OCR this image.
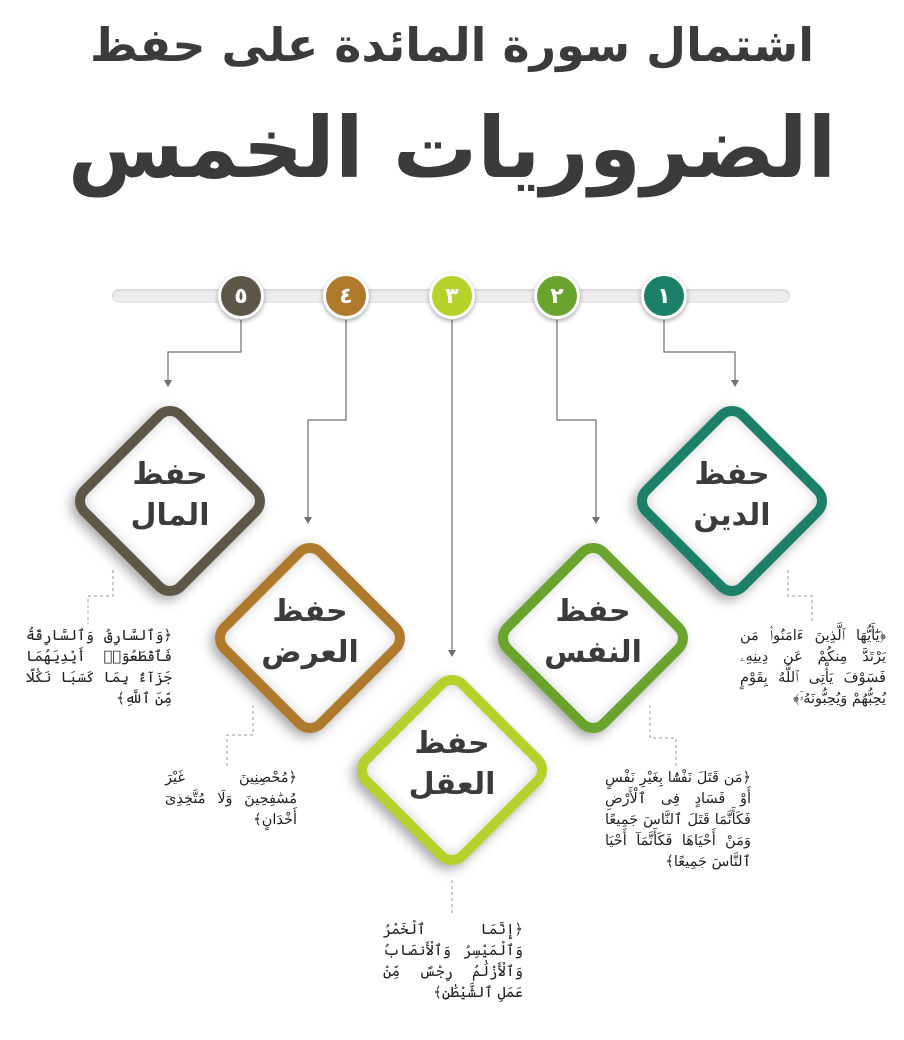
اشتمال سورة المائدة على حفظ
الضروريات الخمس
١
٢
٣
٤
٥
حفظ
الدين
حفظ
النفس
حفظ
العقل
حفظ
العرض
حفظ
المال
﴿يَٰٓأَيُّهَا ٱلَّذِينَ ءَامَنُوا۟ مَن يَرْتَدَّ مِنكُمْ عَن دِينِهِۦ فَسَوْفَ يَأْتِى ٱللَّهُ بِقَوْمٍ يُحِبُّهُمْ وَيُحِبُّونَهُۥٓ﴾
﴿مَن قَتَلَ نَفْسًۢا بِغَيْرِ نَفْسٍ أَوْ فَسَادٍ فِى ٱلْأَرْضِ فَكَأَنَّمَا قَتَلَ ٱلنَّاسَ جَمِيعًا وَمَنْ أَحْيَاهَا فَكَأَنَّمَآ أَحْيَا ٱلنَّاسَ جَمِيعًا﴾
﴿إِنَّمَا ٱلْخَمْرُ وَٱلْمَيْسِرُ وَٱلْأَنصَابُ وَٱلْأَزْلَٰمُ رِجْسٌ مِّنْ عَمَلِ ٱلشَّيْطَٰنِ﴾
﴿مُحْصِنِينَ غَيْرَ مُسَٰفِحِينَ وَلَا مُتَّخِذِىٓ أَخْدَانٍ﴾
﴿وَٱلسَّارِقُ وَٱلسَّارِقَةُ فَٱقْطَعُوٓا۟ أَيْدِيَهُمَا جَزَآءًۢ بِمَا كَسَبَا نَكَٰلًا مِّنَ ٱللَّهِ﴾
